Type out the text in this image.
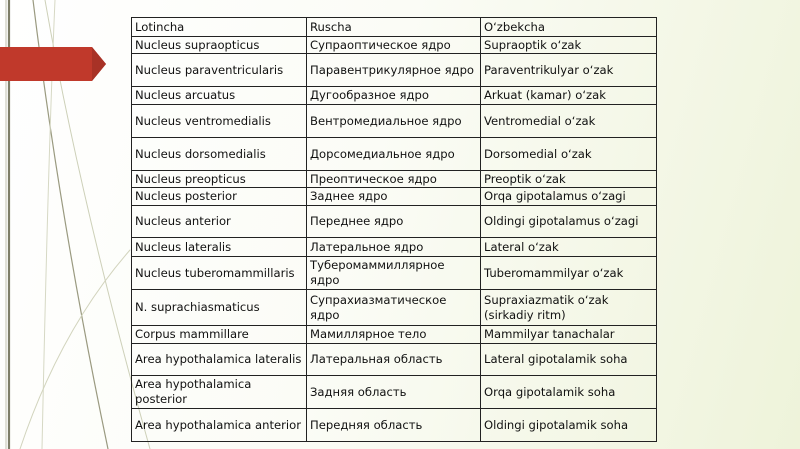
Lotincha	Ruscha	O‘zbekcha
Nucleus supraopticus	Супраоптическое ядро	Supraoptik o‘zak
Nucleus paraventricularis	Паравентрикулярное ядро	Paraventrikulyar o‘zak
Nucleus arcuatus	Дугообразное ядро	Arkuat (kamar) o‘zak
Nucleus ventromedialis	Вентромедиальное ядро	Ventromedial o‘zak
Nucleus dorsomedialis	Дорсомедиальное ядро	Dorsomedial o‘zak
Nucleus preopticus	Преоптическое ядро	Preoptik o‘zak
Nucleus posterior	Заднее ядро	Orqa gipotalamus o‘zagi
Nucleus anterior	Переднее ядро	Oldingi gipotalamus o‘zagi
Nucleus lateralis	Латеральное ядро	Lateral o‘zak
Nucleus tuberomammillaris	Туберомаммиллярное ядро	Tuberomammilyar o‘zak
N. suprachiasmaticus	Супрахиазматическое ядро	Supraxiazmatik o‘zak (sirkadiy ritm)
Corpus mammillare	Мамиллярное тело	Mammilyar tanachalar
Area hypothalamica lateralis	Латеральная область	Lateral gipotalamik soha
Area hypothalamica posterior	Задняя область	Orqa gipotalamik soha
Area hypothalamica anterior	Передняя область	Oldingi gipotalamik soha
